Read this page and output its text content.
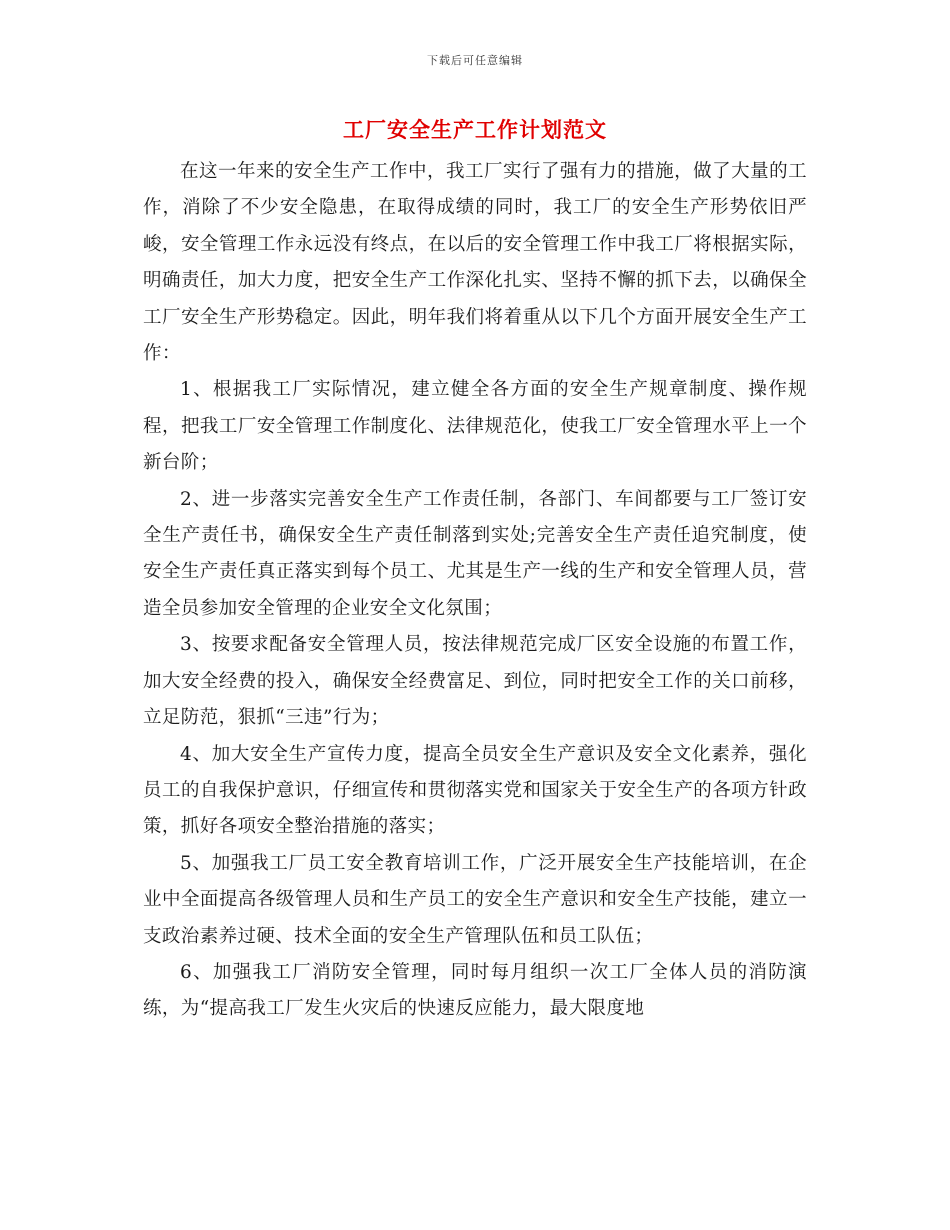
下载后可任意编辑
工厂安全生产工作计划范文

在这一年来的安全生产工作中，我工厂实行了强有力的措施，做了大量的工作，消除了不少安全隐患，在取得成绩的同时，我工厂的安全生产形势依旧严峻，安全管理工作永远没有终点，在以后的安全管理工作中我工厂将根据实际，明确责任，加大力度，把安全生产工作深化扎实、坚持不懈的抓下去，以确保全工厂安全生产形势稳定。因此，明年我们将着重从以下几个方面开展安全生产工作：

1、根据我工厂实际情况，建立健全各方面的安全生产规章制度、操作规程，把我工厂安全管理工作制度化、法律规范化，使我工厂安全管理水平上一个新台阶；

2、进一步落实完善安全生产工作责任制，各部门、车间都要与工厂签订安全生产责任书，确保安全生产责任制落到实处;完善安全生产责任追究制度，使安全生产责任真正落实到每个员工、尤其是生产一线的生产和安全管理人员，营造全员参加安全管理的企业安全文化氛围；

3、按要求配备安全管理人员，按法律规范完成厂区安全设施的布置工作，加大安全经费的投入，确保安全经费富足、到位，同时把安全工作的关口前移，立足防范，狠抓“三违”行为；

4、加大安全生产宣传力度，提高全员安全生产意识及安全文化素养，强化员工的自我保护意识，仔细宣传和贯彻落实党和国家关于安全生产的各项方针政策，抓好各项安全整治措施的落实；

5、加强我工厂员工安全教育培训工作，广泛开展安全生产技能培训，在企业中全面提高各级管理人员和生产员工的安全生产意识和安全生产技能，建立一支政治素养过硬、技术全面的安全生产管理队伍和员工队伍；

6、加强我工厂消防安全管理，同时每月组织一次工厂全体人员的消防演练，为“提高我工厂发生火灾后的快速反应能力，最大限度地
